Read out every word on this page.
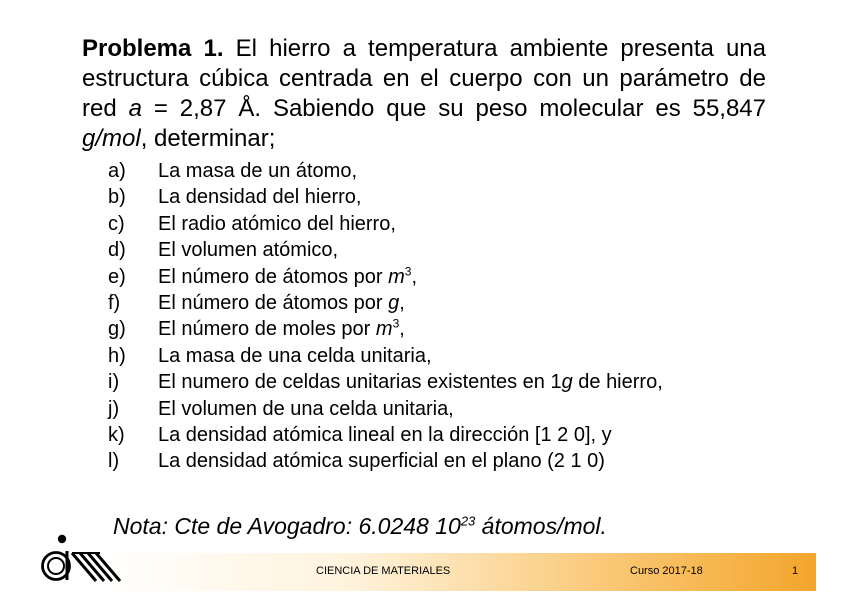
Problema 1. El hierro a temperatura ambiente presenta una estructura cúbica centrada en el cuerpo con un parámetro de red a = 2,87 Å. Sabiendo que su peso molecular es 55,847 g/mol, determinar;
a)	La masa de un átomo,
b)	La densidad del hierro,
c)	El radio atómico del hierro,
d)	El volumen atómico,
e)	El número de átomos por $m^3$,
f)	El número de átomos por g,
g)	El número de moles por $m^3$,
h)	La masa de una celda unitaria,
i)	El numero de celdas unitarias existentes en 1g de hierro,
j)	El volumen de una celda unitaria,
k)	La densidad atómica lineal en la dirección [1 2 0], y
l)	La densidad atómica superficial en el plano (2 1 0)
Nota: Cte de Avogadro: 6.0248 $10^{23}$ átomos/mol.
CIENCIA DE MATERIALES	Curso 2017-18	1
